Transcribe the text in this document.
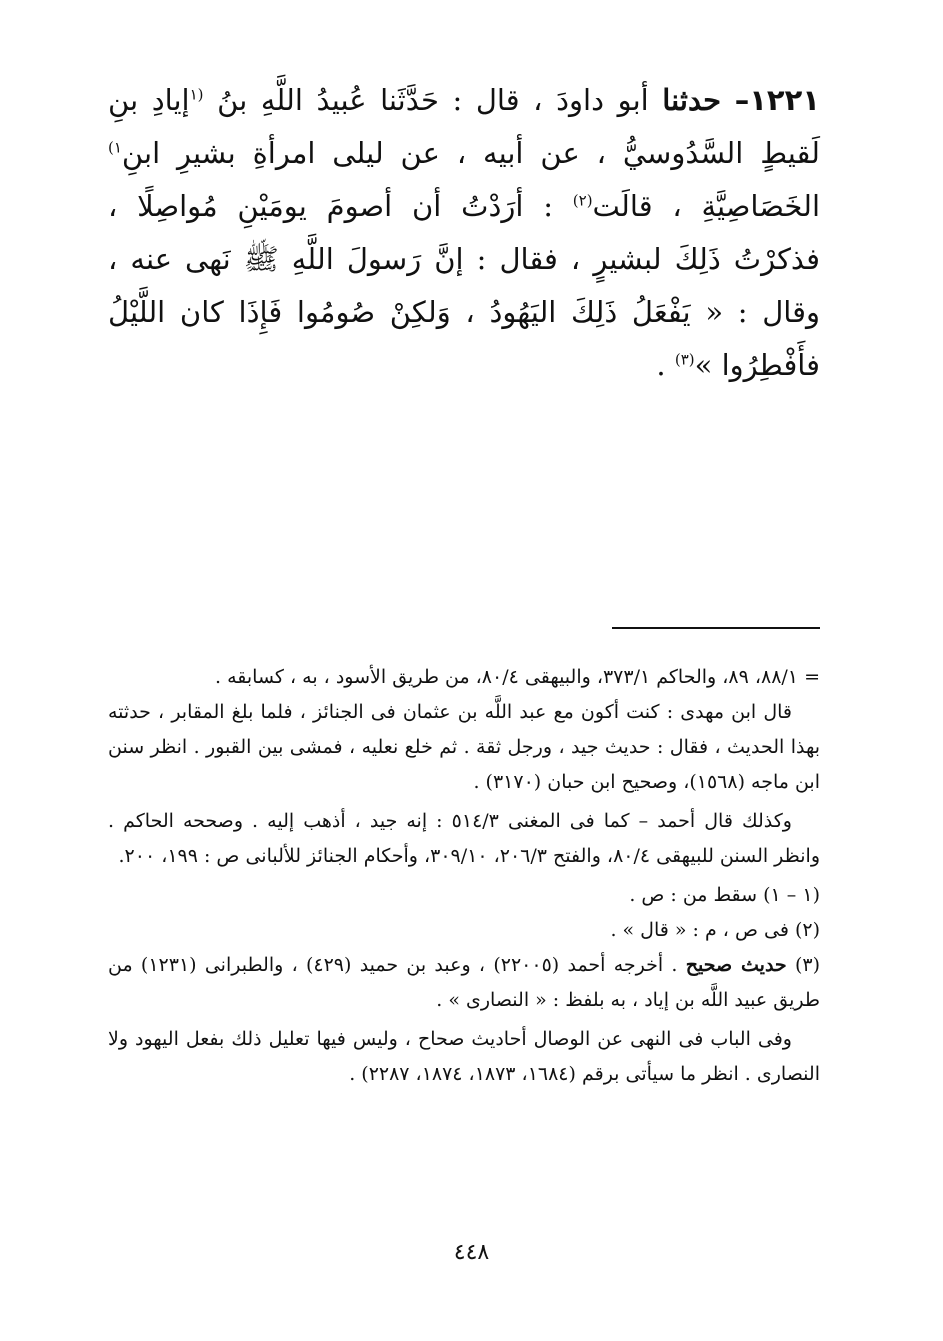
١٢٢١– حدثنا أبو داودَ ، قال : حَدَّثَنا عُبيدُ اللَّهِ بنُ $^{(١}$إيادِ بنِ لَقيطٍ السَّدُوسيُّ ، عن أبيه ، عن ليلى امرأةِ بشيرِ ابنِ$^{١)}$ الخَصَاصِيَّةِ ، قالَت$^{(٢)}$ : أرَدْتُ أن أصومَ يومَيْنِ مُواصِلًا ، فذكرْتُ ذَلِكَ لبشيرٍ ، فقال : إنَّ رَسولَ اللَّهِ ﷺ نَهى عنه ، وقال : « يَفْعَلُ ذَلِكَ اليَهُودُ ، وَلكِنْ صُومُوا فَإِذَا كان اللَّيْلُ فأَفْطِرُوا »$^{(٣)}$ .

= ٨٨/١، ٨٩، والحاكم ٣٧٣/١، والبيهقى ٨٠/٤، من طريق الأسود ، به ، كسابقه .

قال ابن مهدى : كنت أكون مع عبد اللَّه بن عثمان فى الجنائز ، فلما بلغ المقابر ، حدثته بهذا الحديث ، فقال : حديث جيد ، ورجل ثقة . ثم خلع نعليه ، فمشى بين القبور . انظر سنن ابن ماجه (١٥٦٨)، وصحيح ابن حبان (٣١٧٠) .

وكذلك قال أحمد – كما فى المغنى ٥١٤/٣ : إنه جيد ، أذهب إليه . وصححه الحاكم . وانظر السنن للبيهقى ٨٠/٤، والفتح ٢٠٦/٣، ٣٠٩/١٠، وأحكام الجنائز للألبانى ص : ١٩٩، ٢٠٠.

(١ – ١) سقط من : ص .

(٢) فى ص ، م : « قال » .

(٣) حديث صحيح . أخرجه أحمد (٢٢٠٠٥) ، وعبد بن حميد (٤٢٩) ، والطبرانى (١٢٣١) من طريق عبيد اللَّه بن إياد ، به بلفظ : « النصارى » .

وفى الباب فى النهى عن الوصال أحاديث صحاح ، وليس فيها تعليل ذلك بفعل اليهود ولا النصارى . انظر ما سيأتى برقم (١٦٨٤، ١٨٧٣، ١٨٧٤، ٢٢٨٧) .

٤٤٨
